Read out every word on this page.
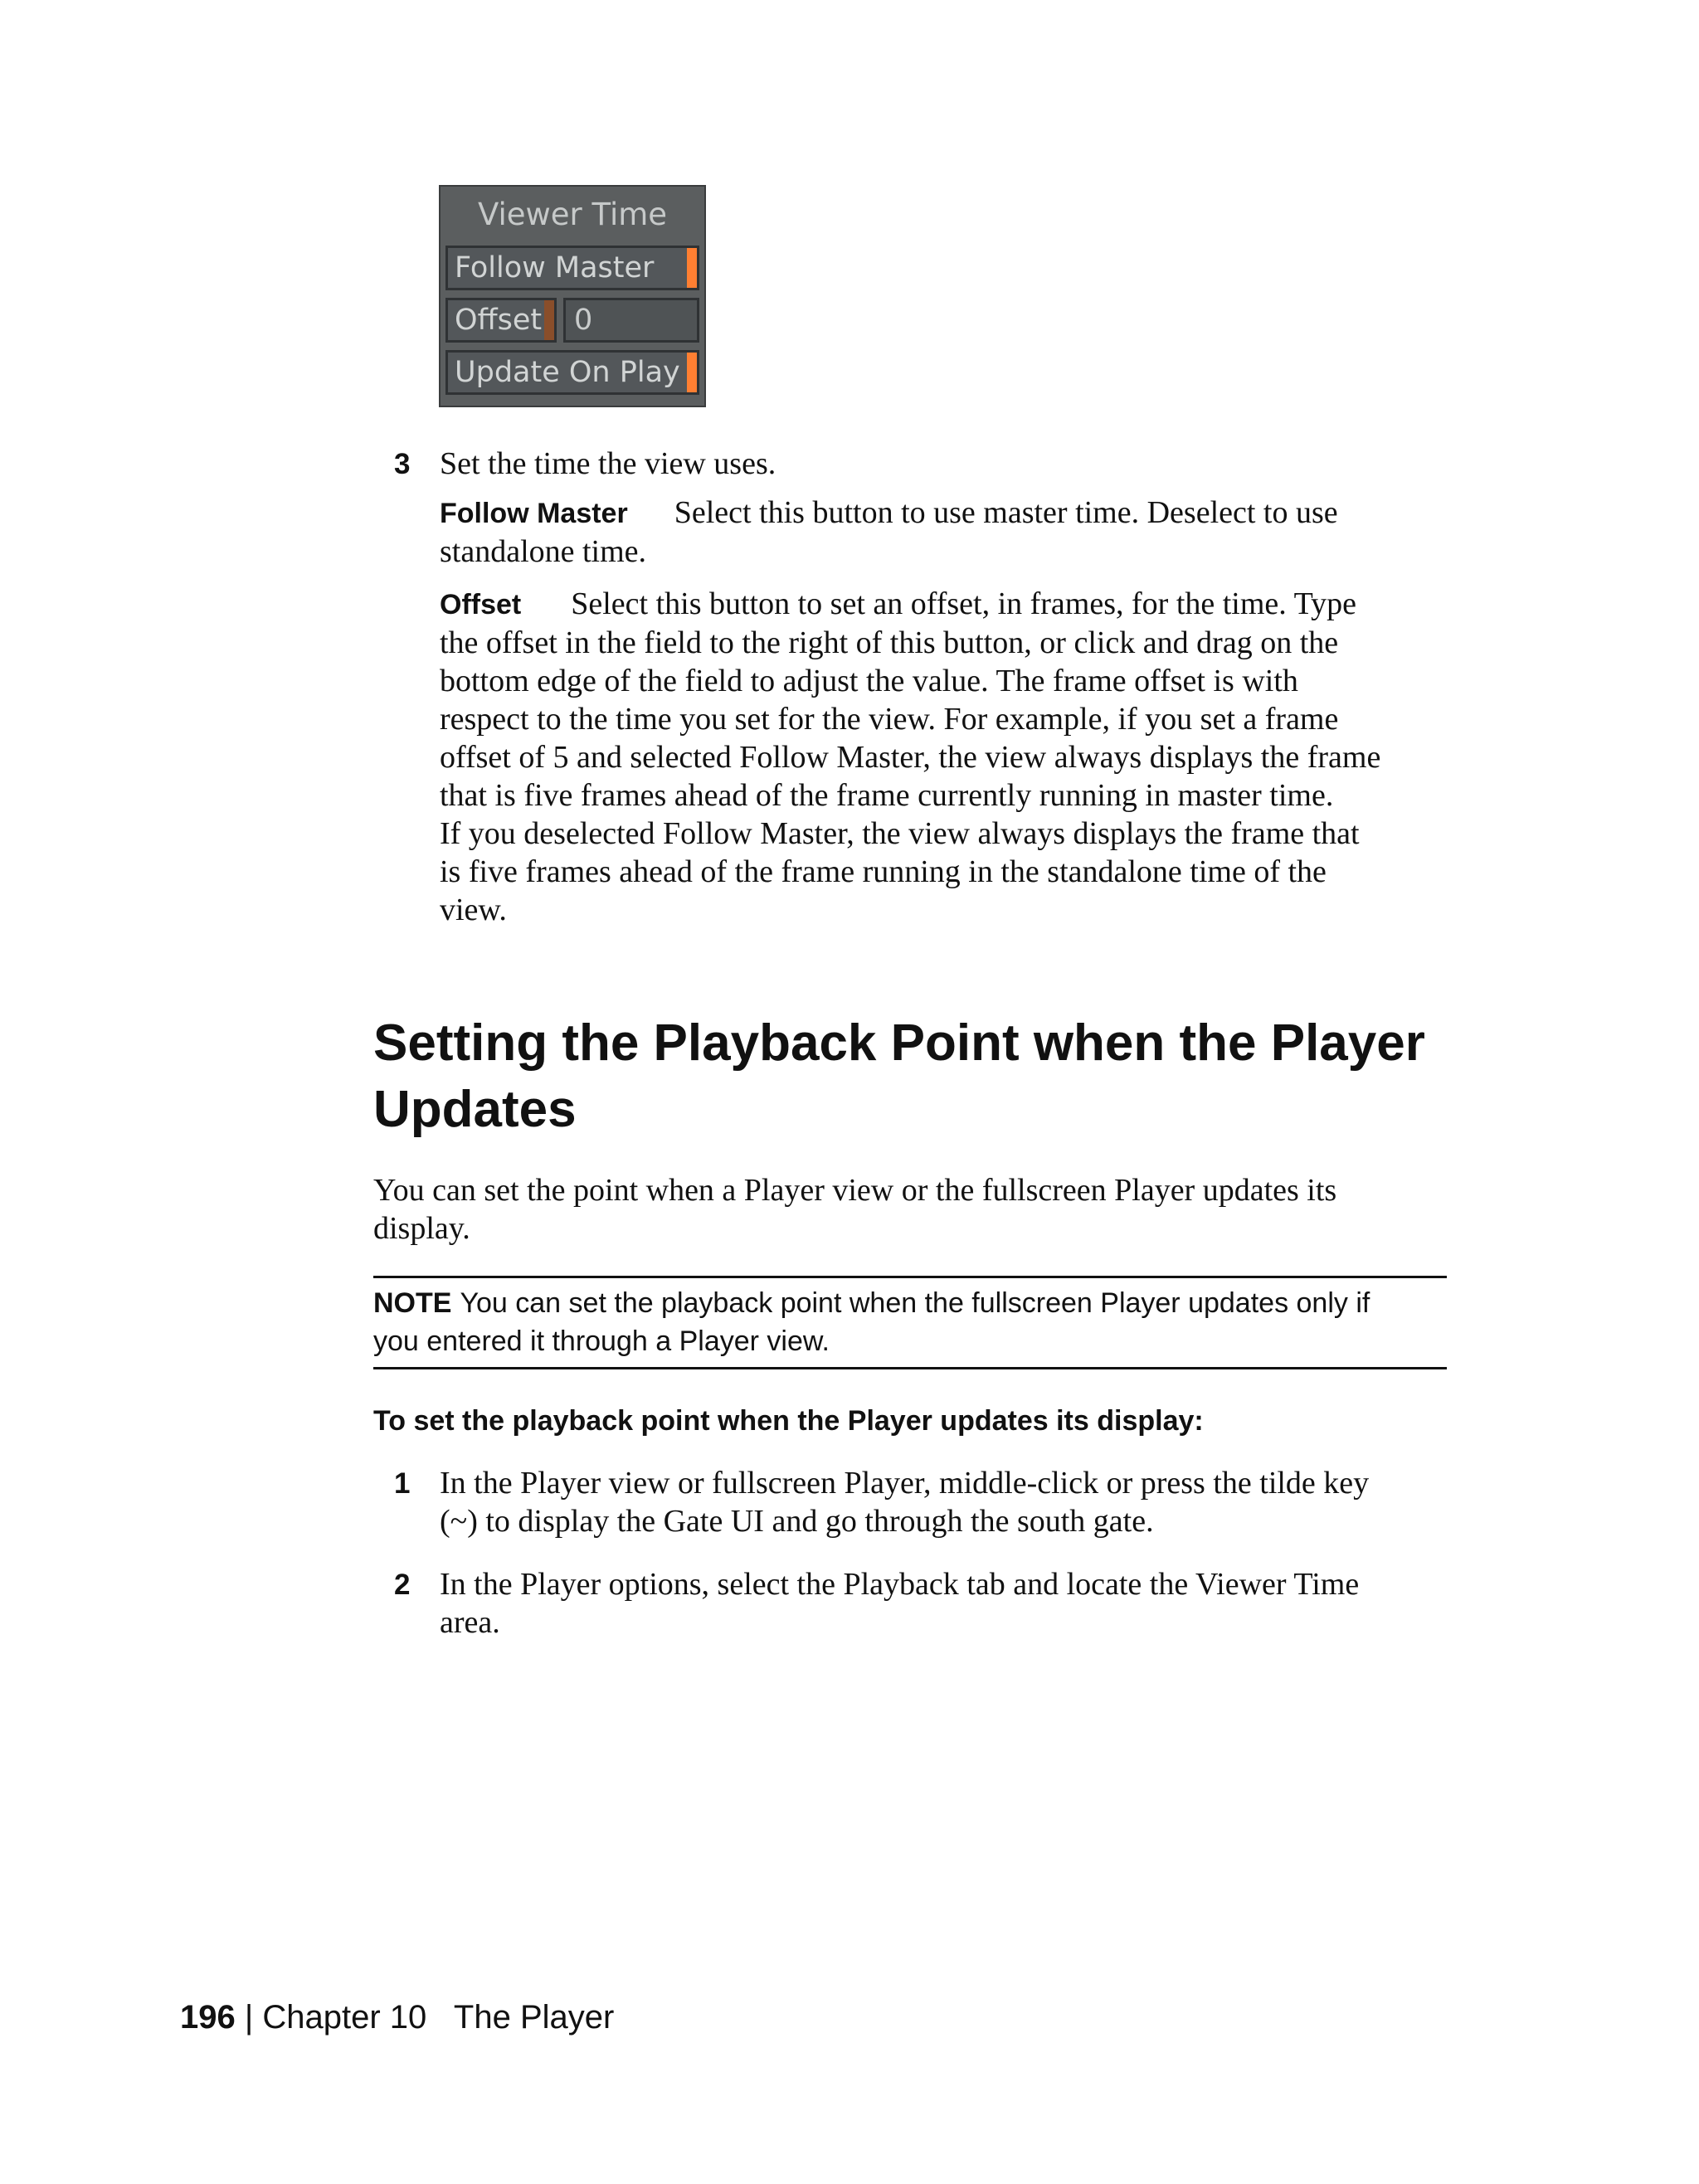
Viewer Time
Follow Master
Offset	0
Update On Play
3 Set the time the view uses.

Follow Master Select this button to use master time. Deselect to use
standalone time.

Offset Select this button to set an offset, in frames, for the time. Type
the offset in the field to the right of this button, or click and drag on the
bottom edge of the field to adjust the value. The frame offset is with
respect to the time you set for the view. For example, if you set a frame
offset of 5 and selected Follow Master, the view always displays the frame
that is five frames ahead of the frame currently running in master time.
If you deselected Follow Master, the view always displays the frame that
is five frames ahead of the frame running in the standalone time of the
view.

Setting the Playback Point when the Player
Updates

You can set the point when a Player view or the fullscreen Player updates its
display.

NOTE You can set the playback point when the fullscreen Player updates only if
you entered it through a Player view.

To set the playback point when the Player updates its display:

1 In the Player view or fullscreen Player, middle-click or press the tilde key
(~) to display the Gate UI and go through the south gate.

2 In the Player options, select the Playback tab and locate the Viewer Time
area.

196 | Chapter 10 The Player
